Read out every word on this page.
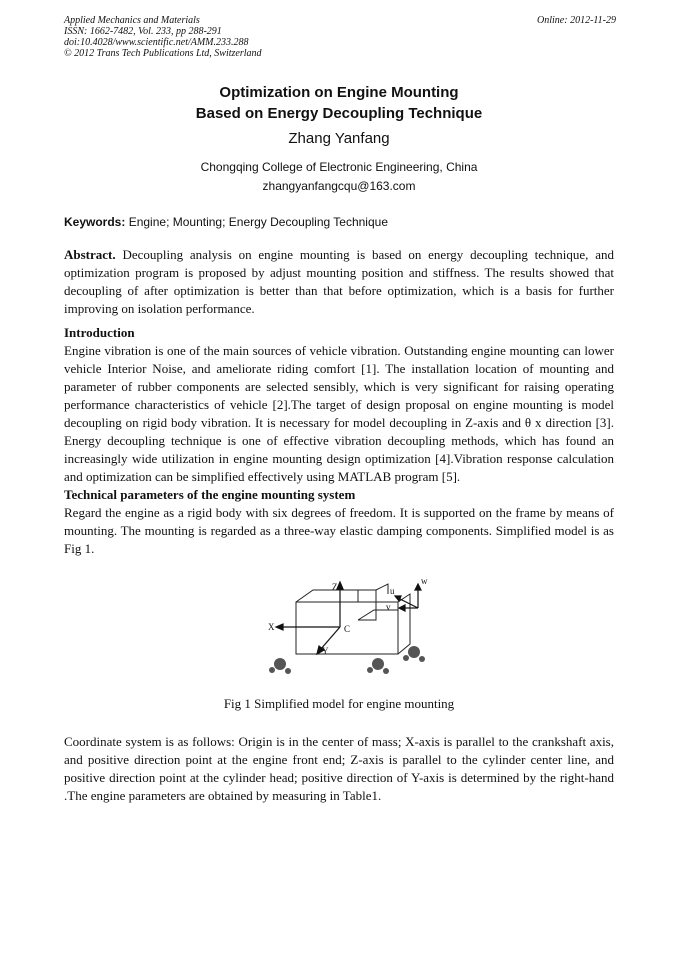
Applied Mechanics and Materials
ISSN: 1662-7482, Vol. 233, pp 288-291
doi:10.4028/www.scientific.net/AMM.233.288
© 2012 Trans Tech Publications Ltd, Switzerland
Online: 2012-11-29
Optimization on Engine Mounting
Based on Energy Decoupling Technique
Zhang Yanfang
Chongqing College of Electronic Engineering, China
zhangyanfangcqu@163.com
Keywords: Engine; Mounting; Energy Decoupling Technique

Abstract. Decoupling analysis on engine mounting is based on energy decoupling technique, and optimization program is proposed by adjust mounting position and stiffness. The results showed that decoupling of after optimization is better than that before optimization, which is a basis for further improving on isolation performance.

Introduction

Engine vibration is one of the main sources of vehicle vibration. Outstanding engine mounting can lower vehicle Interior Noise, and ameliorate riding comfort [1]. The installation location of mounting and parameter of rubber components are selected sensibly, which is very significant for raising operating performance characteristics of vehicle [2].The target of design proposal on engine mounting is model decoupling on rigid body vibration. It is necessary for model decoupling in Z-axis and θ x direction [3]. Energy decoupling technique is one of effective vibration decoupling methods, which has found an increasingly wide utilization in engine mounting design optimization [4].Vibration response calculation and optimization can be simplified effectively using MATLAB program [5].

Technical parameters of the engine mounting system

Regard the engine as a rigid body with six degrees of freedom. It is supported on the frame by means of mounting. The mounting is regarded as a three-way elastic damping components. Simplified model is as Fig 1.

Z
X
Y
C
u
v
w
Fig 1 Simplified model for engine mounting
Coordinate system is as follows: Origin is in the center of mass; X-axis is parallel to the crankshaft axis, and positive direction point at the engine front end; Z-axis is parallel to the cylinder center line, and positive direction point at the cylinder head; positive direction of Y-axis is determined by the right-hand .The engine parameters are obtained by measuring in Table1.
